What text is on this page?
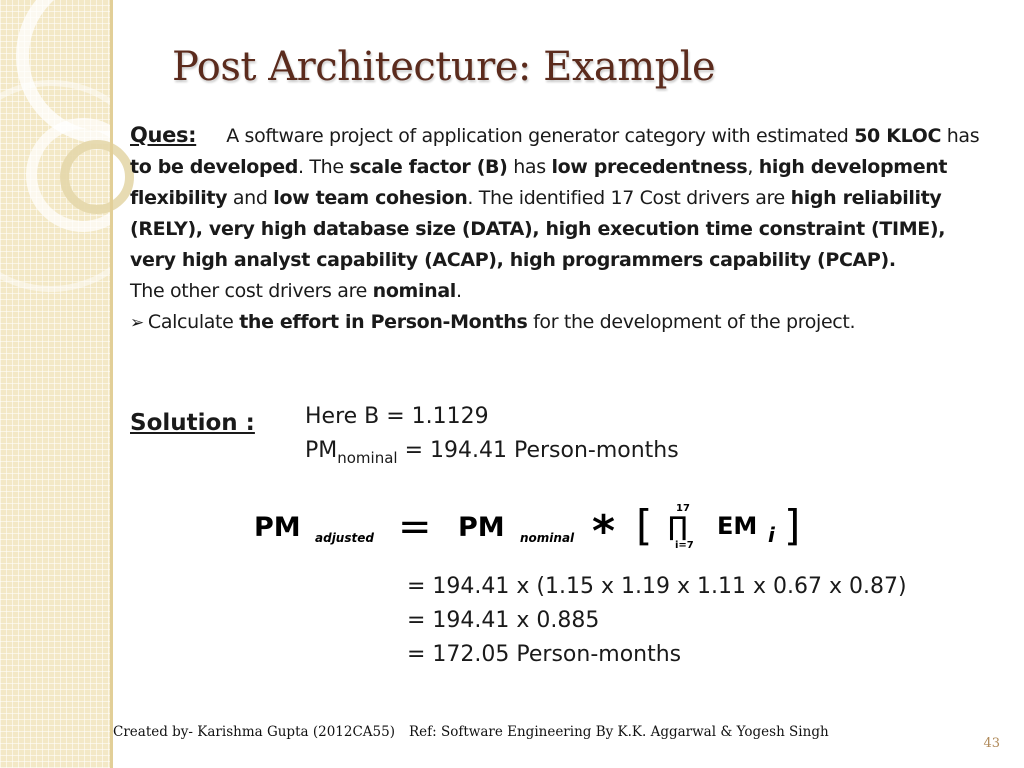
Post Architecture: Example

Ques: A software project of application generator category with estimated 50 KLOC has to be developed. The scale factor (B) has low precedentness, high development flexibility and low team cohesion. The identified 17 Cost drivers are high reliability (RELY), very high database size (DATA), high execution time constraint (TIME),
very high analyst capability (ACAP), high programmers capability (PCAP).
The other cost drivers are nominal.
➢ Calculate the effort in Person-Months for the development of the project.

Solution : Here B = 1.1129
$PM_{nominal} = 194.41$ Person-months
PM adjusted = PM nominal * [ 17
∏
i=7
EM i ]
= 194.41 x (1.15 x 1.19 x 1.11 x 0.67 x 0.87)
= 194.41 x 0.885
= 172.05 Person-months
Created by- Karishma Gupta (2012CA55) Ref: Software Engineering By K.K. Aggarwal & Yogesh Singh
43
